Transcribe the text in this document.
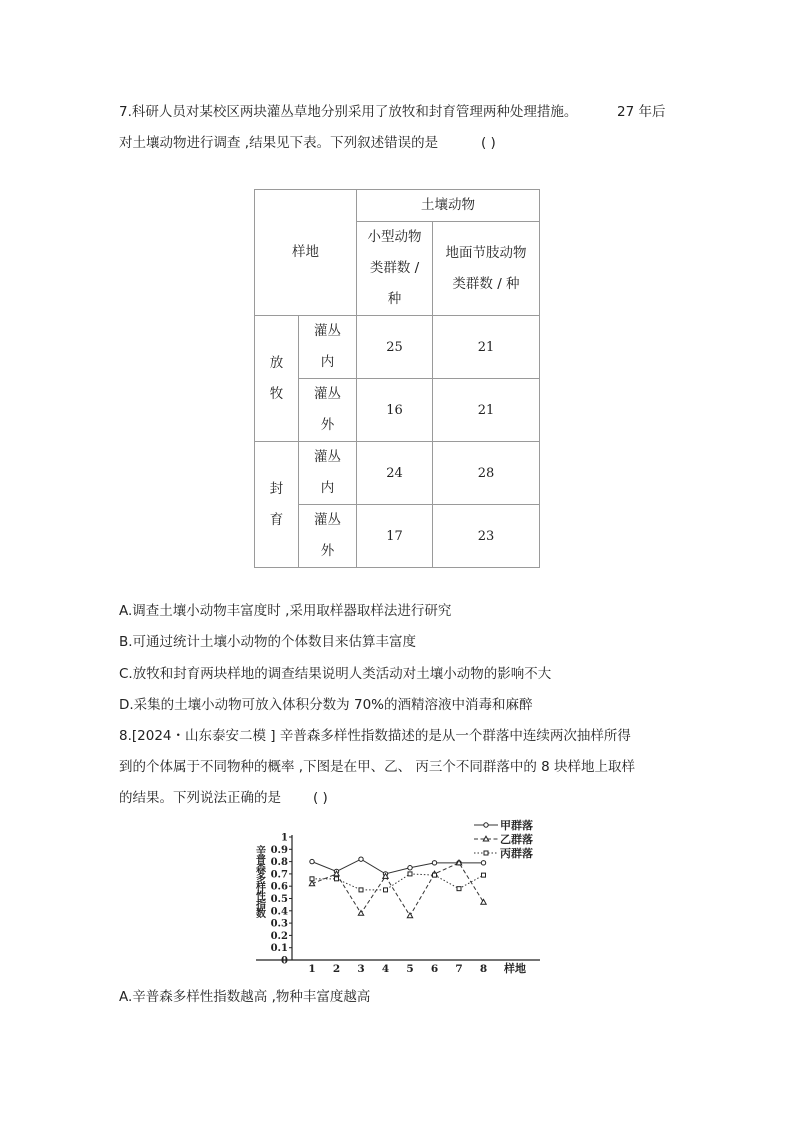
7.科研人员对某校区两块灌丛草地分别采用了放牧和封育管理两种处理措施。	27 年后
对土壤动物进行调查 ,结果见下表。下列叙述错误的是	( )
样地		土壤动物	
		小型动物类群数 / 种	地面节肢动物类群数 / 种
放牧	灌丛内	25	21
	灌丛外	16	21
封育	灌丛内	24	28
	灌丛外	17	23
A.调查土壤小动物丰富度时 ,采用取样器取样法进行研究
B.可通过统计土壤小动物的个体数目来估算丰富度
C.放牧和封育两块样地的调查结果说明人类活动对土壤小动物的影响不大
D.采集的土壤小动物可放入体积分数为 70%的酒精溶液中消毒和麻醉
8.[2024・山东泰安二模 ] 辛普森多样性指数描述的是从一个群落中连续两次抽样所得
到的个体属于不同物种的概率 ,下图是在甲、乙、 丙三个不同群落中的 8 块样地上取样
的结果。下列说法正确的是 ( )
0
0.1
0.2
0.3
0.4
0.5
0.6
0.7
0.8
0.9
1
1 2 3 4 5 6 7 8
甲群落
乙群落
丙群落
辛普森多样性指数
样地
A.辛普森多样性指数越高 ,物种丰富度越高
